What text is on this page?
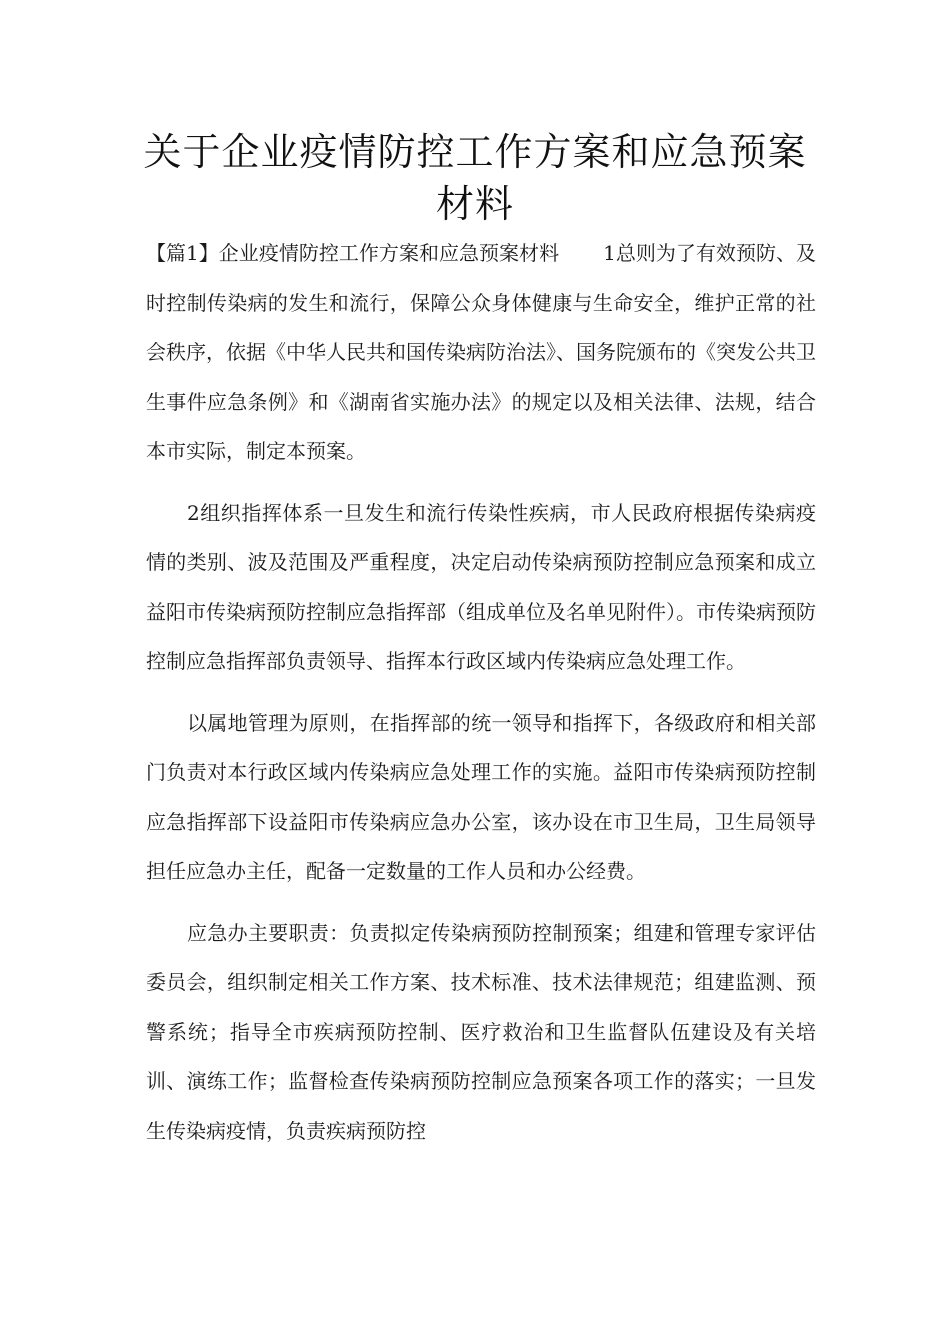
关于企业疫情防控工作方案和应急预案
材料

【篇1】企业疫情防控工作方案和应急预案材料 1总则为了有效预防、及时控制传染病的发生和流行，保障公众身体健康与生命安全，维护正常的社会秩序，依据《中华人民共和国传染病防治法》、国务院颁布的《突发公共卫生事件应急条例》和《湖南省实施办法》的规定以及相关法律、法规，结合本市实际，制定本预案。

2组织指挥体系一旦发生和流行传染性疾病，市人民政府根据传染病疫情的类别、波及范围及严重程度，决定启动传染病预防控制应急预案和成立益阳市传染病预防控制应急指挥部（组成单位及名单见附件）。市传染病预防控制应急指挥部负责领导、指挥本行政区域内传染病应急处理工作。

以属地管理为原则，在指挥部的统一领导和指挥下，各级政府和相关部门负责对本行政区域内传染病应急处理工作的实施。益阳市传染病预防控制应急指挥部下设益阳市传染病应急办公室，该办设在市卫生局，卫生局领导担任应急办主任，配备一定数量的工作人员和办公经费。

应急办主要职责：负责拟定传染病预防控制预案；组建和管理专家评估委员会，组织制定相关工作方案、技术标准、技术法律规范；组建监测、预警系统；指导全市疾病预防控制、医疗救治和卫生监督队伍建设及有关培训、演练工作；监督检查传染病预防控制应急预案各项工作的落实；一旦发生传染病疫情，负责疾病预防控
